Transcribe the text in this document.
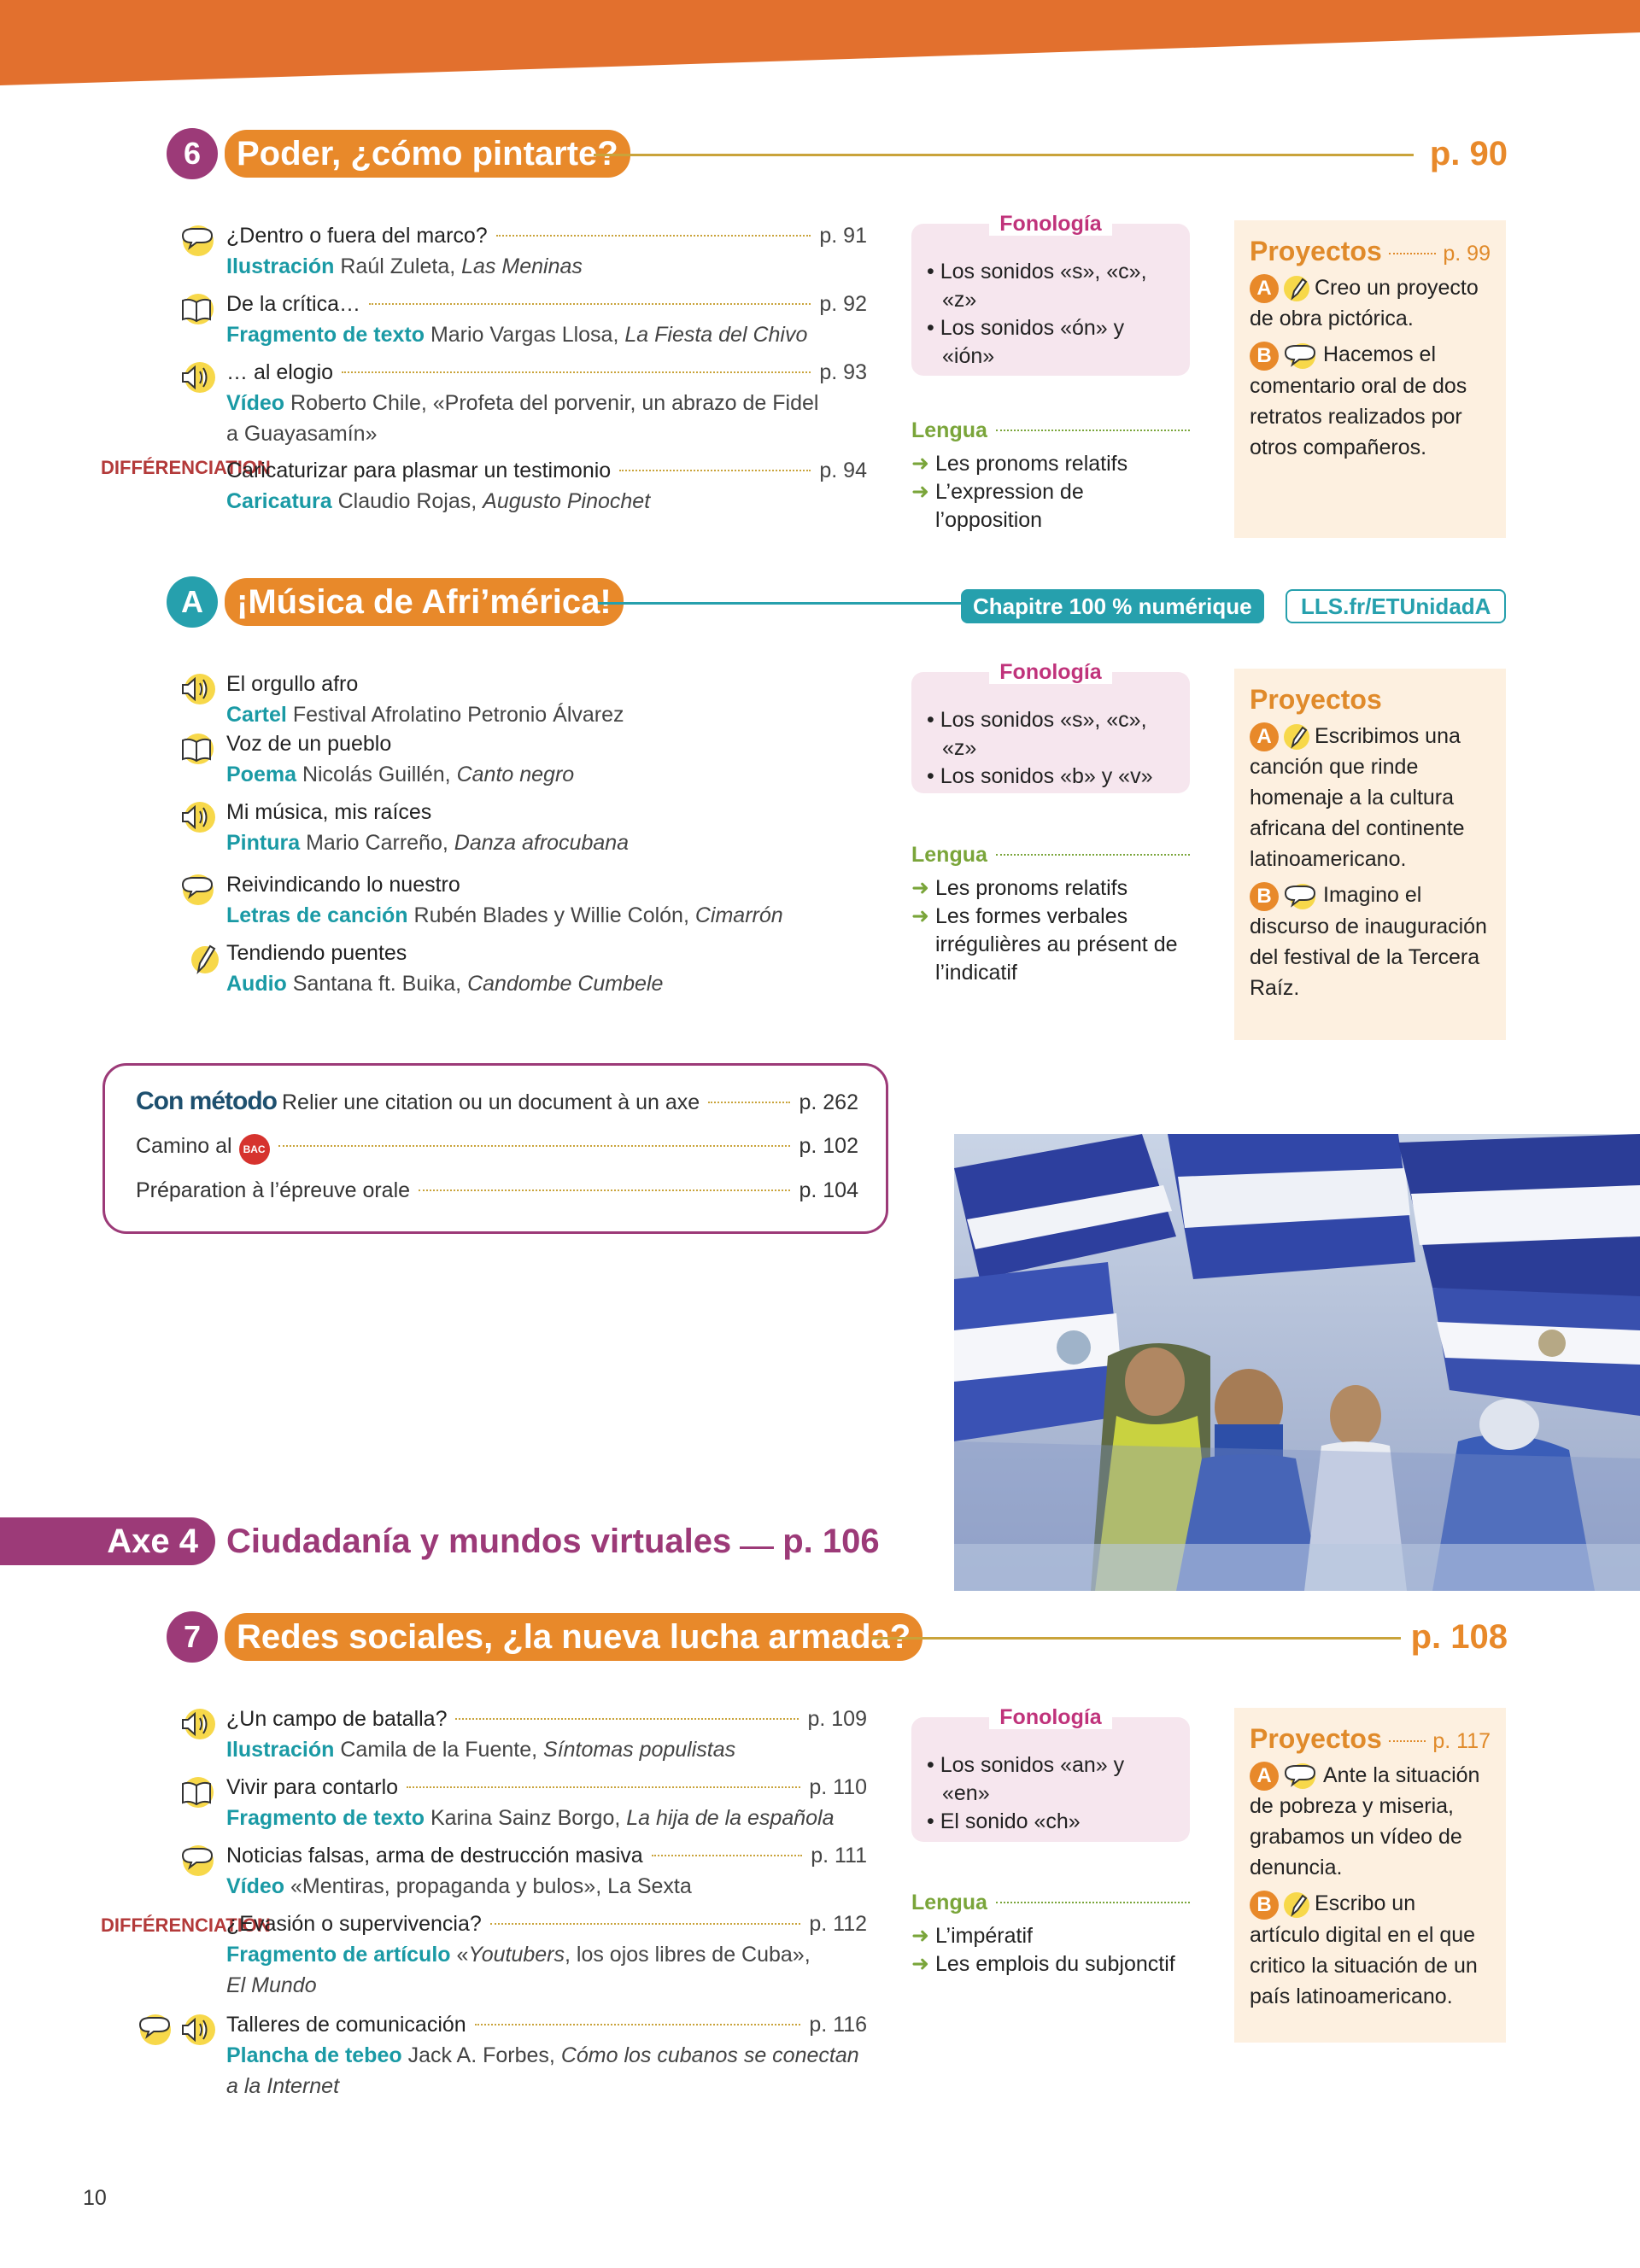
6	Poder, ¿cómo pintarte?	p. 90
DIFFÉRENCIATION
¿Dentro o fuera del marco?	p. 91
Ilustración Raúl Zuleta, Las Meninas
De la crítica…	p. 92
Fragmento de texto Mario Vargas Llosa, La Fiesta del Chivo
… al elogio	p. 93
Vídeo Roberto Chile, «Profeta del porvenir, un abrazo de Fidel
a Guayasamín»
Caricaturizar para plasmar un testimonio	p. 94
Caricatura Claudio Rojas, Augusto Pinochet
Fonología
• Los sonidos «s», «c», «z»
• Los sonidos «ón» y «ión»
Lengua
➜ Les pronoms relatifs
➜ L’expression de l’opposition
Proyectos	p. 99
A Creo un proyecto de obra pictórica.
B Hacemos el comentario oral de dos retratos realizados por otros compañeros.
A ¡Música de Afri’mérica!	Chapitre 100 % numérique	LLS.fr/ETUnidadA
El orgullo afro
Cartel Festival Afrolatino Petronio Álvarez
Voz de un pueblo
Poema Nicolás Guillén, Canto negro
Mi música, mis raíces
Pintura Mario Carreño, Danza afrocubana
Reivindicando lo nuestro
Letras de canción Rubén Blades y Willie Colón, Cimarrón
Tendiendo puentes
Audio Santana ft. Buika, Candombe Cumbele
Fonología
• Los sonidos «s», «c», «z»
• Los sonidos «b» y «v»
Lengua
➜ Les pronoms relatifs
➜ Les formes verbales irrégulières au présent de l’indicatif
Proyectos
A Escribimos una canción que rinde homenaje a la cultura africana del continente latinoamericano.
B Imagino el discurso de inauguración del festival de la Tercera Raíz.
Con método Relier une citation ou un document à un axe	p. 262
Camino al	BAC	p. 102
Préparation à l’épreuve orale	p. 104
Axe 4 Ciudadanía y mundos virtuales p. 106
7	Redes sociales, ¿la nueva lucha armada?	p. 108
DIFFÉRENCIATION
¿Un campo de batalla?	p. 109
Ilustración Camila de la Fuente, Síntomas populistas
Vivir para contarlo	p. 110
Fragmento de texto Karina Sainz Borgo, La hija de la española
Noticias falsas, arma de destrucción masiva	p. 111
Vídeo «Mentiras, propaganda y bulos», La Sexta
¿Evasión o supervivencia?	p. 112
Fragmento de artículo «Youtubers, los ojos libres de Cuba»,
El Mundo
Talleres de comunicación	p. 116
Plancha de tebeo Jack A. Forbes, Cómo los cubanos se conectan
a la Internet
Fonología
• Los sonidos «an» y «en»
• El sonido «ch»
Lengua
➜ L’impératif
➜ Les emplois du subjonctif
Proyectos p. 117
A Ante la situación de pobreza y miseria, grabamos un vídeo de denuncia.
B Escribo un artículo digital en el que critico la situación de un país latinoamericano.
10
